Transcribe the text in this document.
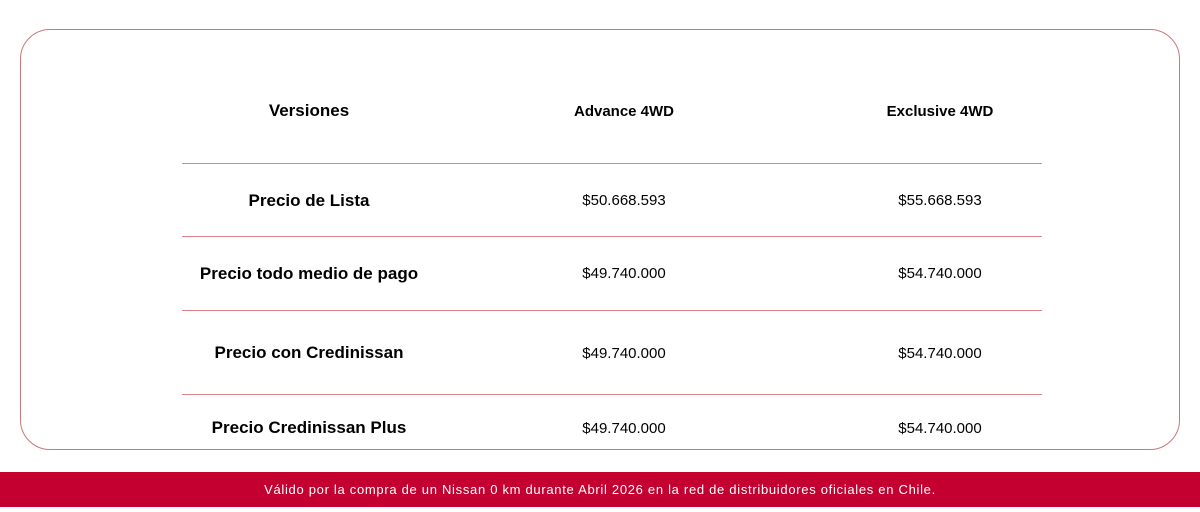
Versiones	Advance 4WD	Exclusive 4WD
Precio de Lista	$50.668.593	$55.668.593
Precio todo medio de pago	$49.740.000	$54.740.000
Precio con Credinissan	$49.740.000	$54.740.000
Precio Credinissan Plus	$49.740.000	$54.740.000
Válido por la compra de un Nissan 0 km durante Abril 2026 en la red de distribuidores oficiales en Chile.
